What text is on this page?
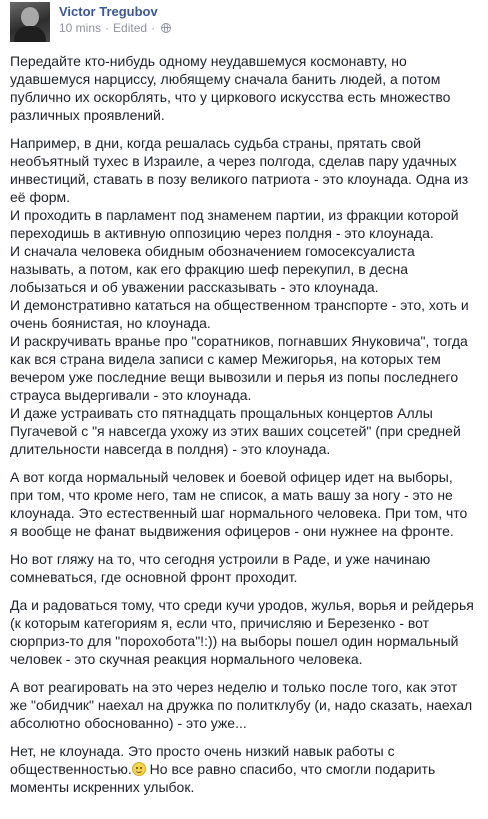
Victor Tregubov
10 mins · Edited ·

Передайте кто-нибудь одному неудавшемуся космонавту, но удавшемуся нарциссу, любящему сначала банить людей, а потом публично их оскорблять, что у циркового искусства есть множество различных проявлений.

Например, в дни, когда решалась судьба страны, прятать свой необъятный тухес в Израиле, а через полгода, сделав пару удачных инвестиций, ставать в позу великого патриота - это клоунада. Одна из её форм.
И проходить в парламент под знаменем партии, из фракции которой переходишь в активную оппозицию через полдня - это клоунада.
И сначала человека обидным обозначением гомосексуалиста называть, а потом, как его фракцию шеф перекупил, в десна лобызаться и об уважении рассказывать - это клоунада.
И демонстративно кататься на общественном транспорте - это, хоть и очень боянистая, но клоунада.
И раскручивать вранье про "соратников, погнавших Януковича", тогда как вся страна видела записи с камер Межигорья, на которых тем вечером уже последние вещи вывозили и перья из попы последнего страуса выдергивали - это клоунада.
И даже устраивать сто пятнадцать прощальных концертов Аллы Пугачевой с "я навсегда ухожу из этих ваших соцсетей" (при средней длительности навсегда в полдня) - это клоунада.

А вот когда нормальный человек и боевой офицер идет на выборы, при том, что кроме него, там не список, а мать вашу за ногу - это не клоунада. Это естественный шаг нормального человека. При том, что я вообще не фанат выдвижения офицеров - они нужнее на фронте.

Но вот гляжу на то, что сегодня устроили в Раде, и уже начинаю сомневаться, где основной фронт проходит.

Да и радоваться тому, что среди кучи уродов, жулья, ворья и рейдерья (к которым категориям я, если что, причисляю и Березенко - вот сюрприз-то для "порохобота"!:)) на выборы пошел один нормальный человек - это скучная реакция нормального человека.

А вот реагировать на это через неделю и только после того, как этот же "обидчик" наехал на дружка по политклубу (и, надо сказать, наехал абсолютно обоснованно) - это уже...

Нет, не клоунада. Это просто очень низкий навык работы с общественностью. Но все равно спасибо, что смогли подарить моменты искренних улыбок.
